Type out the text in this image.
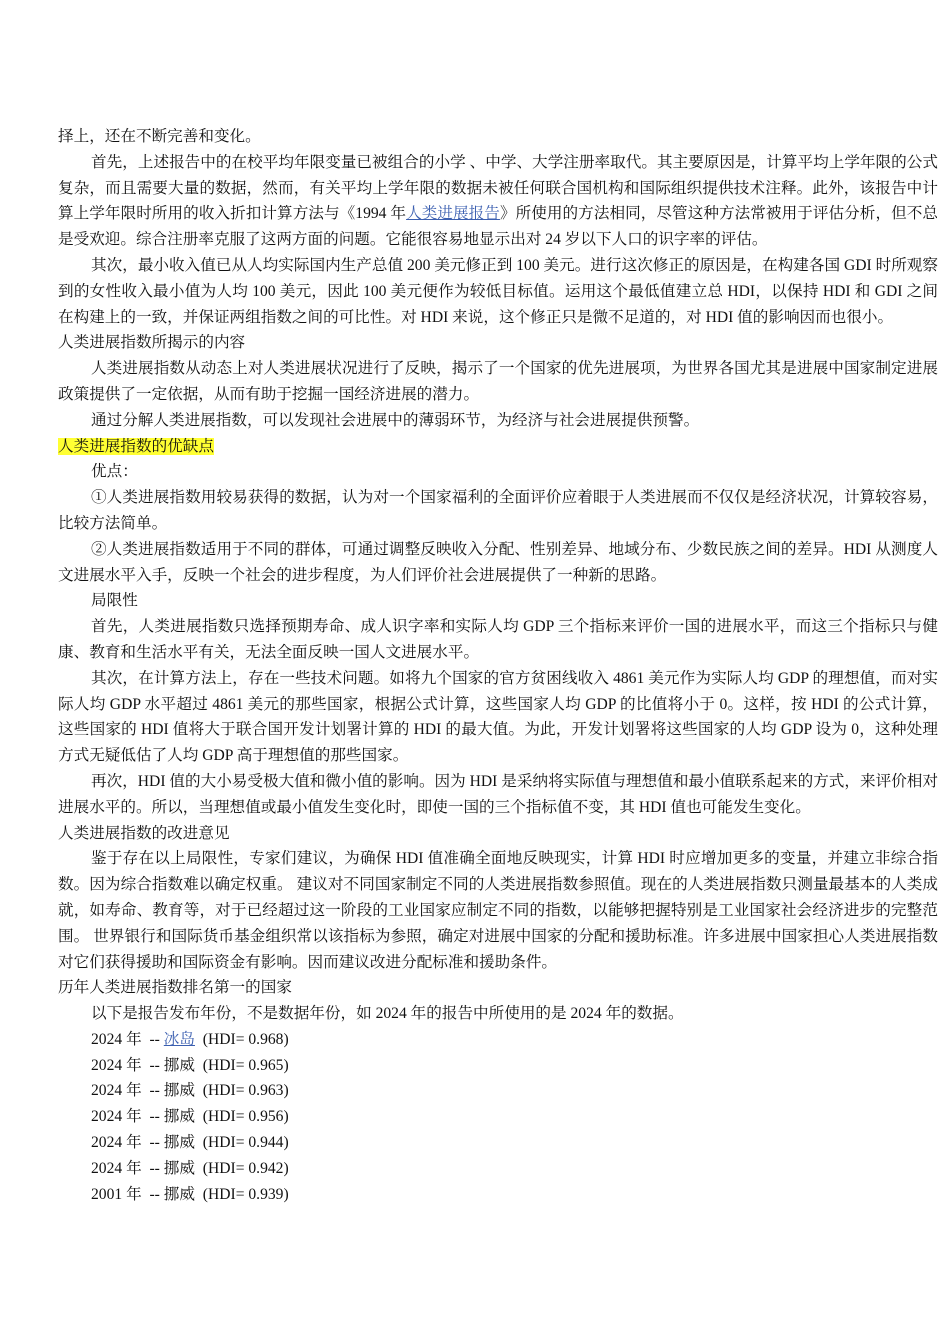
择上，还在不断完善和变化。

首先，上述报告中的在校平均年限变量已被组合的小学 、中学、大学注册率取代。其主要原因是，计算平均上学年限的公式复杂，而且需要大量的数据，然而，有关平均上学年限的数据未被任何联合国机构和国际组织提供技术注释。此外，该报告中计算上学年限时所用的收入折扣计算方法与《1994 年人类进展报告》所使用的方法相同，尽管这种方法常被用于评估分析，但不总是受欢迎。综合注册率克服了这两方面的问题。它能很容易地显示出对 24 岁以下人口的识字率的评估。

其次，最小收入值已从人均实际国内生产总值 200 美元修正到 100 美元。进行这次修正的原因是，在构建各国 GDI 时所观察到的女性收入最小值为人均 100 美元，因此 100 美元便作为较低目标值。运用这个最低值建立总 HDI，以保持 HDI 和 GDI 之间在构建上的一致，并保证两组指数之间的可比性。对 HDI 来说，这个修正只是微不足道的，对 HDI 值的影响因而也很小。

人类进展指数所揭示的内容

人类进展指数从动态上对人类进展状况进行了反映，揭示了一个国家的优先进展项，为世界各国尤其是进展中国家制定进展政策提供了一定依据，从而有助于挖掘一国经济进展的潜力。

通过分解人类进展指数，可以发现社会进展中的薄弱环节，为经济与社会进展提供预警。

人类进展指数的优缺点

优点：

①人类进展指数用较易获得的数据，认为对一个国家福利的全面评价应着眼于人类进展而不仅仅是经济状况，计算较容易，比较方法简单。

②人类进展指数适用于不同的群体，可通过调整反映收入分配、性别差异、地域分布、少数民族之间的差异。HDI 从测度人文进展水平入手，反映一个社会的进步程度，为人们评价社会进展提供了一种新的思路。

局限性

首先，人类进展指数只选择预期寿命、成人识字率和实际人均 GDP 三个指标来评价一国的进展水平，而这三个指标只与健康、教育和生活水平有关，无法全面反映一国人文进展水平。

其次，在计算方法上，存在一些技术问题。如将九个国家的官方贫困线收入 4861 美元作为实际人均 GDP 的理想值，而对实际人均 GDP 水平超过 4861 美元的那些国家，根据公式计算，这些国家人均 GDP 的比值将小于 0。这样，按 HDI 的公式计算，这些国家的 HDI 值将大于联合国开发计划署计算的 HDI 的最大值。为此，开发计划署将这些国家的人均 GDP 设为 0，这种处理方式无疑低估了人均 GDP 高于理想值的那些国家。

再次，HDI 值的大小易受极大值和微小值的影响。因为 HDI 是采纳将实际值与理想值和最小值联系起来的方式，来评价相对进展水平的。所以，当理想值或最小值发生变化时，即使一国的三个指标值不变，其 HDI 值也可能发生变化。

人类进展指数的改进意见

鉴于存在以上局限性，专家们建议，为确保 HDI 值准确全面地反映现实，计算 HDI 时应增加更多的变量，并建立非综合指数。因为综合指数难以确定权重。 建议对不同国家制定不同的人类进展指数参照值。现在的人类进展指数只测量最基本的人类成就，如寿命、教育等，对于已经超过这一阶段的工业国家应制定不同的指数，以能够把握特别是工业国家社会经济进步的完整范围。 世界银行和国际货币基金组织常以该指标为参照，确定对进展中国家的分配和援助标准。许多进展中国家担心人类进展指数对它们获得援助和国际资金有影响。因而建议改进分配标准和援助条件。

历年人类进展指数排名第一的国家

以下是报告发布年份，不是数据年份，如 2024 年的报告中所使用的是 2024 年的数据。

2024 年  -- 冰岛  (HDI= 0.968)
2024 年  -- 挪威  (HDI= 0.965)
2024 年  -- 挪威  (HDI= 0.963)
2024 年  -- 挪威  (HDI= 0.956)
2024 年  -- 挪威  (HDI= 0.944)
2024 年  -- 挪威  (HDI= 0.942)
2001 年  -- 挪威  (HDI= 0.939)
